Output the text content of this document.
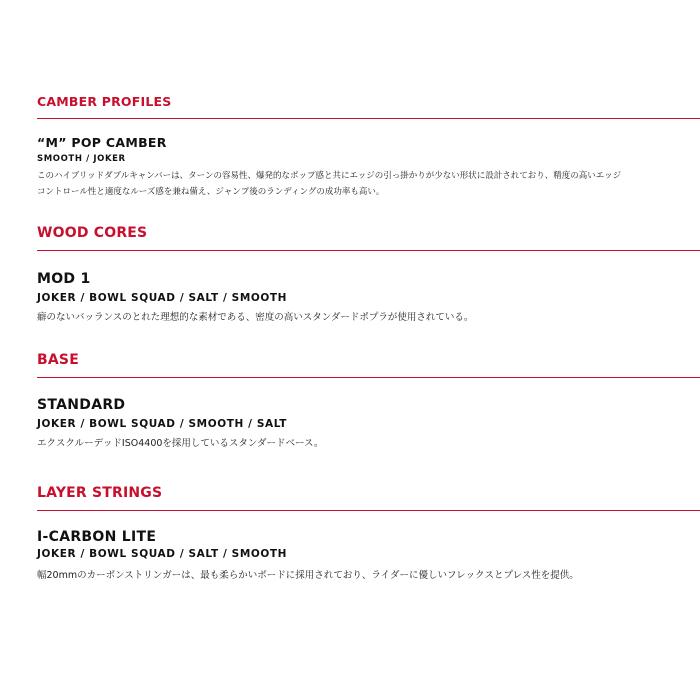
CAMBER PROFILES
“M” POP CAMBER
SMOOTH / JOKER
このハイブリッドダブルキャンバーは、ターンの容易性、爆発的なポップ感と共にエッジの引っ掛かりが少ない形状に設計されており、精度の高いエッジ
コントロール性と適度なルーズ感を兼ね備え、ジャンプ後のランディングの成功率も高い。
WOOD CORES
MOD 1
JOKER / BOWL SQUAD / SALT / SMOOTH
癖のないバッランスのとれた理想的な素材である、密度の高いスタンダードポプラが使用されている。
BASE
STANDARD
JOKER / BOWL SQUAD / SMOOTH / SALT
エクスクルーデッドISO4400を採用しているスタンダードベース。
LAYER STRINGS
I-CARBON LITE
JOKER / BOWL SQUAD / SALT / SMOOTH
幅20mmのカーボンストリンガーは、最も柔らかいボードに採用されており、ライダーに優しいフレックスとプレス性を提供。
